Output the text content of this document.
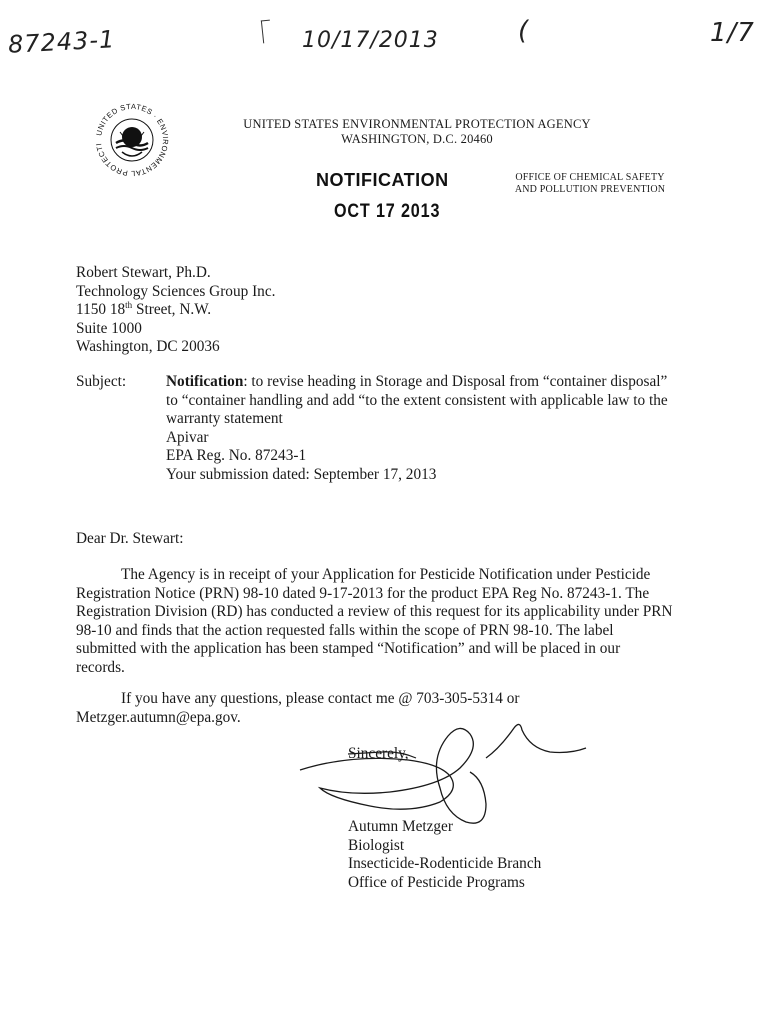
87243-1	10/17/2013	(	1/7
UNITED STATES · ENVIRONMENTAL PROTECTI
UNITED STATES ENVIRONMENTAL PROTECTION AGENCY
WASHINGTON, D.C. 20460
OFFICE OF CHEMICAL SAFETY
AND POLLUTION PREVENTION
NOTIFICATION
OCT 17 2013
Robert Stewart, Ph.D.
Technology Sciences Group Inc.
1150 18th Street, N.W.
Suite 1000
Washington, DC 20036
Subject:	Notification: to revise heading in Storage and Disposal from “container disposal”
to “container handling and add “to the extent consistent with applicable law to the
warranty statement
Apivar
EPA Reg. No. 87243-1
Your submission dated: September 17, 2013
Dear Dr. Stewart:
The Agency is in receipt of your Application for Pesticide Notification under Pesticide
Registration Notice (PRN) 98-10 dated 9-17-2013 for the product EPA Reg No. 87243-1. The
Registration Division (RD) has conducted a review of this request for its applicability under PRN
98-10 and finds that the action requested falls within the scope of PRN 98-10. The label
submitted with the application has been stamped “Notification” and will be placed in our
records.
If you have any questions, please contact me @ 703-305-5314 or
Metzger.autumn@epa.gov.
Sincerely,
Autumn Metzger
Biologist
Insecticide-Rodenticide Branch
Office of Pesticide Programs
